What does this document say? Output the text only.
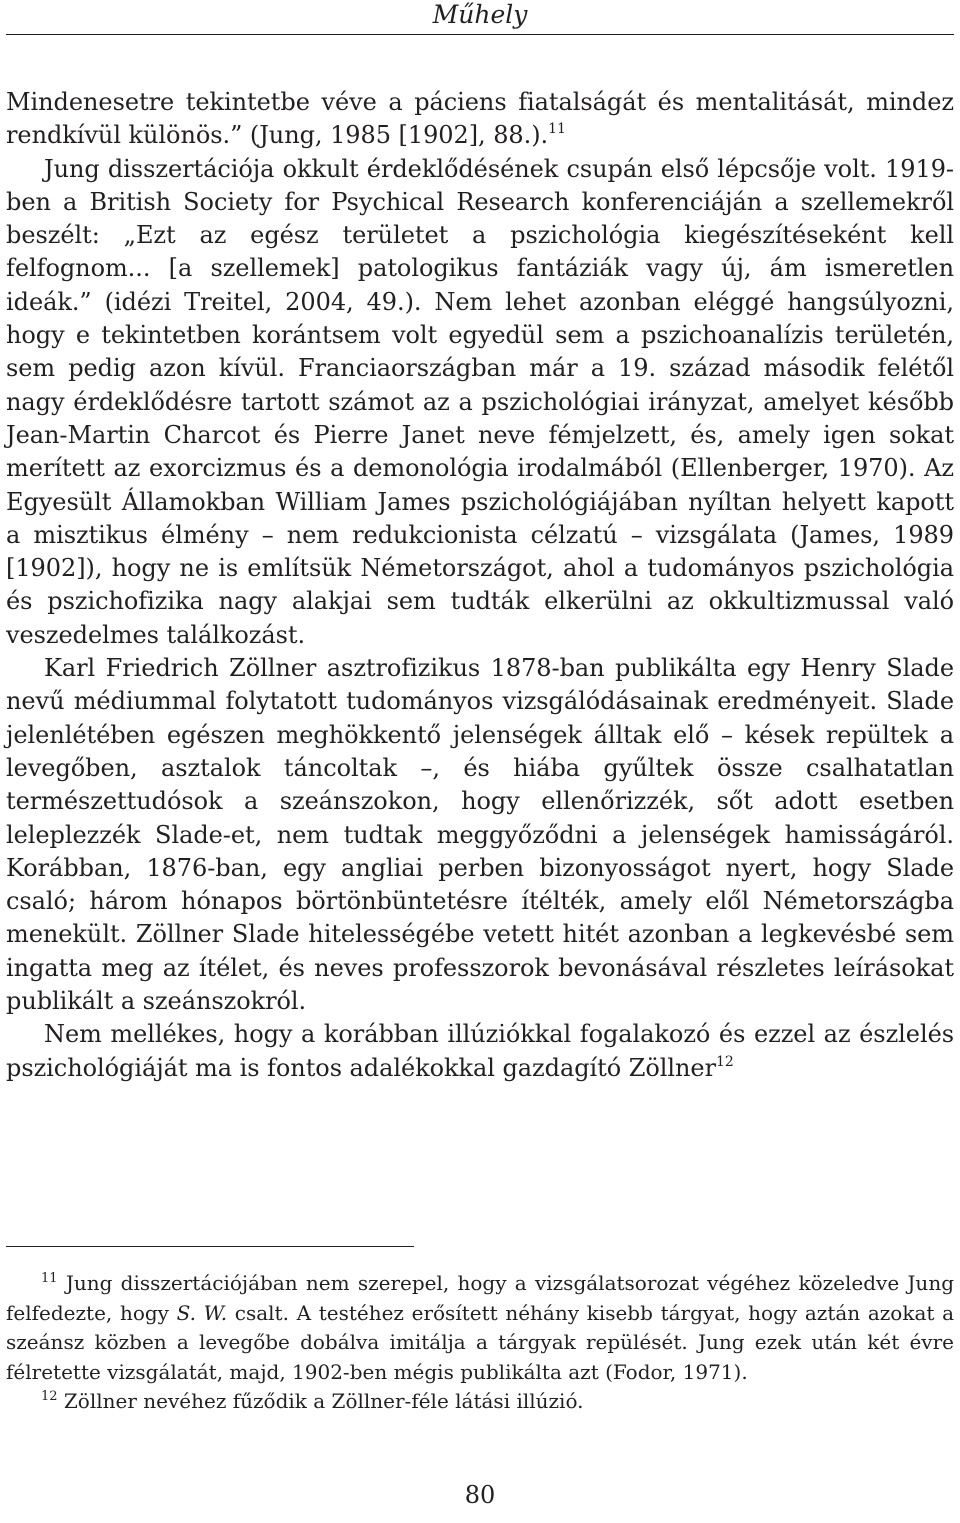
Műhely

Mindenesetre tekintetbe véve a páciens fiatalságát és mentalitását, mindez rendkívül különös.” (Jung, 1985 [1902], 88.).$^{11}$

Jung disszertációja okkult érdeklődésének csupán első lépcsője volt. 1919-ben a British Society for Psychical Research konferenciáján a szellemekről beszélt: „Ezt az egész területet a pszichológia kiegészítéseként kell felfognom... [a szellemek] patologikus fantáziák vagy új, ám ismeretlen ideák.” (idézi Treitel, 2004, 49.). Nem lehet azonban eléggé hangsúlyozni, hogy e tekintetben korántsem volt egyedül sem a pszichoanalízis területén, sem pedig azon kívül. Franciaországban már a 19. század második felétől nagy érdeklődésre tartott számot az a pszichológiai irányzat, amelyet később Jean-Martin Charcot és Pierre Janet neve fémjelzett, és, amely igen sokat merített az exorcizmus és a demonológia irodalmából (Ellenberger, 1970). Az Egyesült Államokban William James pszichológiájában nyíltan helyett kapott a misztikus élmény – nem redukcionista célzatú – vizsgálata (James, 1989 [1902]), hogy ne is említsük Németországot, ahol a tudományos pszichológia és pszichofizika nagy alakjai sem tudták elkerülni az okkultizmussal való veszedelmes találkozást.

Karl Friedrich Zöllner asztrofizikus 1878-ban publikálta egy Henry Slade nevű médiummal folytatott tudományos vizsgálódásainak eredményeit. Slade jelenlétében egészen meghökkentő jelenségek álltak elő – kések repültek a levegőben, asztalok táncoltak –, és hiába gyűltek össze csalhatatlan természettudósok a szeánszokon, hogy ellenőrizzék, sőt adott esetben leleplezzék Slade-et, nem tudtak meggyőződni a jelenségek hamisságáról. Korábban, 1876-ban, egy angliai perben bizonyosságot nyert, hogy Slade csaló; három hónapos börtönbüntetésre ítélték, amely elől Németországba menekült. Zöllner Slade hitelességébe vetett hitét azonban a legkevésbé sem ingatta meg az ítélet, és neves professzorok bevonásával részletes leírásokat publikált a szeánszokról.

Nem mellékes, hogy a korábban illúziókkal fogalakozó és ezzel az észlelés pszichológiáját ma is fontos adalékokkal gazdagító Zöllner$^{12}$

$^{11}$ Jung disszertációjában nem szerepel, hogy a vizsgálatsorozat végéhez közeledve Jung felfedezte, hogy S. W. csalt. A testéhez erősített néhány kisebb tárgyat, hogy aztán azokat a szeánsz közben a levegőbe dobálva imitálja a tárgyak repülését. Jung ezek után két évre félretette vizsgálatát, majd, 1902-ben mégis publikálta azt (Fodor, 1971).

$^{12}$ Zöllner nevéhez fűződik a Zöllner-féle látási illúzió.

80
